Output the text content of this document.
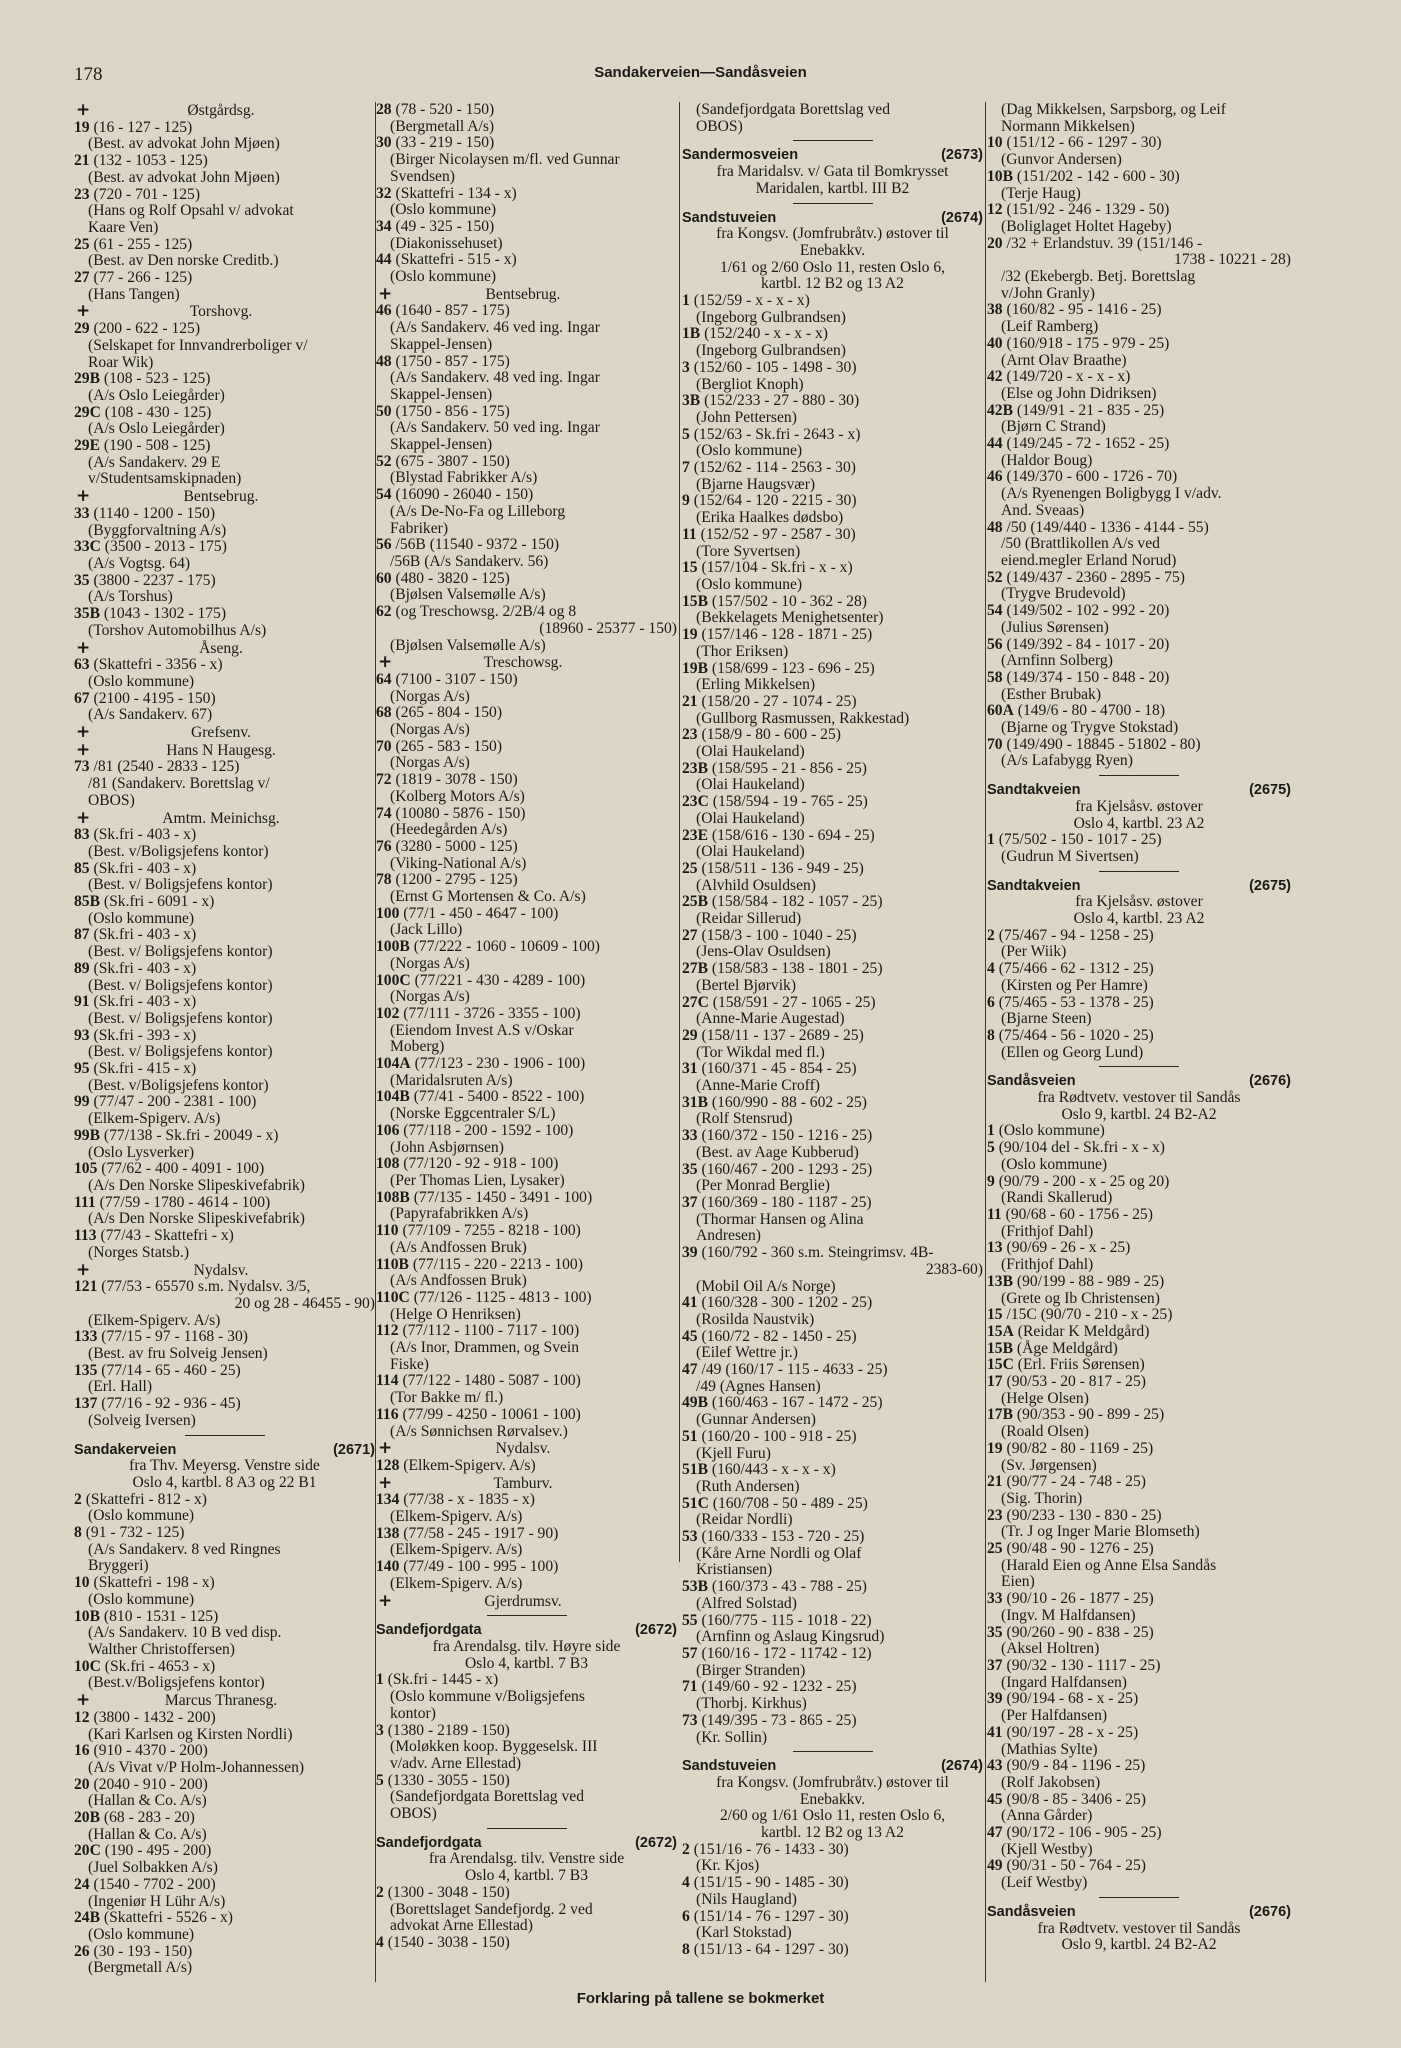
178	Sandakerveien—Sandåsveien
+	Østgårdsg.
19 (16 - 127 - 125)
(Best. av advokat John Mjøen)
21 (132 - 1053 - 125)
(Best. av advokat John Mjøen)
23 (720 - 701 - 125)
(Hans og Rolf Opsahl v/ advokat
Kaare Ven)
25 (61 - 255 - 125)
(Best. av Den norske Creditb.)
27 (77 - 266 - 125)
(Hans Tangen)
+	Torshovg.
29 (200 - 622 - 125)
(Selskapet for Innvandrerboliger v/
Roar Wik)
29B (108 - 523 - 125)
(A/s Oslo Leiegårder)
29C (108 - 430 - 125)
(A/s Oslo Leiegårder)
29E (190 - 508 - 125)
(A/s Sandakerv. 29 E
v/Studentsamskipnaden)
+	Bentsebrug.
33 (1140 - 1200 - 150)
(Byggforvaltning A/s)
33C (3500 - 2013 - 175)
(A/s Vogtsg. 64)
35 (3800 - 2237 - 175)
(A/s Torshus)
35B (1043 - 1302 - 175)
(Torshov Automobilhus A/s)
+	Åseng.
63 (Skattefri - 3356 - x)
(Oslo kommune)
67 (2100 - 4195 - 150)
(A/s Sandakerv. 67)
+	Grefsenv.
+	Hans N Haugesg.
73 /81 (2540 - 2833 - 125)
/81 (Sandakerv. Borettslag v/
OBOS)
+	Amtm. Meinichsg.
83 (Sk.fri - 403 - x)
(Best. v/Boligsjefens kontor)
85 (Sk.fri - 403 - x)
(Best. v/ Boligsjefens kontor)
85B (Sk.fri - 6091 - x)
(Oslo kommune)
87 (Sk.fri - 403 - x)
(Best. v/ Boligsjefens kontor)
89 (Sk.fri - 403 - x)
(Best. v/ Boligsjefens kontor)
91 (Sk.fri - 403 - x)
(Best. v/ Boligsjefens kontor)
93 (Sk.fri - 393 - x)
(Best. v/ Boligsjefens kontor)
95 (Sk.fri - 415 - x)
(Best. v/Boligsjefens kontor)
99 (77/47 - 200 - 2381 - 100)
(Elkem-Spigerv. A/s)
99B (77/138 - Sk.fri - 20049 - x)
(Oslo Lysverker)
105 (77/62 - 400 - 4091 - 100)
(A/s Den Norske Slipeskivefabrik)
111 (77/59 - 1780 - 4614 - 100)
(A/s Den Norske Slipeskivefabrik)
113 (77/43 - Skattefri - x)
(Norges Statsb.)
+	Nydalsv.
121 (77/53 - 65570 s.m. Nydalsv. 3/5,
20 og 28 - 46455 - 90)
(Elkem-Spigerv. A/s)
133 (77/15 - 97 - 1168 - 30)
(Best. av fru Solveig Jensen)
135 (77/14 - 65 - 460 - 25)
(Erl. Hall)
137 (77/16 - 92 - 936 - 45)
(Solveig Iversen)
Sandakerveien	(2671)
fra Thv. Meyersg. Venstre side
Oslo 4, kartbl. 8 A3 og 22 B1
2 (Skattefri - 812 - x)
(Oslo kommune)
8 (91 - 732 - 125)
(A/s Sandakerv. 8 ved Ringnes
Bryggeri)
10 (Skattefri - 198 - x)
(Oslo kommune)
10B (810 - 1531 - 125)
(A/s Sandakerv. 10 B ved disp.
Walther Christoffersen)
10C (Sk.fri - 4653 - x)
(Best.v/Boligsjefens kontor)
+	Marcus Thranesg.
12 (3800 - 1432 - 200)
(Kari Karlsen og Kirsten Nordli)
16 (910 - 4370 - 200)
(A/s Vivat v/P Holm-Johannessen)
20 (2040 - 910 - 200)
(Hallan & Co. A/s)
20B (68 - 283 - 20)
(Hallan & Co. A/s)
20C (190 - 495 - 200)
(Juel Solbakken A/s)
24 (1540 - 7702 - 200)
(Ingeniør H Lühr A/s)
24B (Skattefri - 5526 - x)
(Oslo kommune)
26 (30 - 193 - 150)
(Bergmetall A/s)
28 (78 - 520 - 150)
(Bergmetall A/s)
30 (33 - 219 - 150)
(Birger Nicolaysen m/fl. ved Gunnar
Svendsen)
32 (Skattefri - 134 - x)
(Oslo kommune)
34 (49 - 325 - 150)
(Diakonissehuset)
44 (Skattefri - 515 - x)
(Oslo kommune)
+	Bentsebrug.
46 (1640 - 857 - 175)
(A/s Sandakerv. 46 ved ing. Ingar
Skappel-Jensen)
48 (1750 - 857 - 175)
(A/s Sandakerv. 48 ved ing. Ingar
Skappel-Jensen)
50 (1750 - 856 - 175)
(A/s Sandakerv. 50 ved ing. Ingar
Skappel-Jensen)
52 (675 - 3807 - 150)
(Blystad Fabrikker A/s)
54 (16090 - 26040 - 150)
(A/s De-No-Fa og Lilleborg
Fabriker)
56 /56B (11540 - 9372 - 150)
/56B (A/s Sandakerv. 56)
60 (480 - 3820 - 125)
(Bjølsen Valsemølle A/s)
62 (og Treschowsg. 2/2B/4 og 8
(18960 - 25377 - 150)
(Bjølsen Valsemølle A/s)
+	Treschowsg.
64 (7100 - 3107 - 150)
(Norgas A/s)
68 (265 - 804 - 150)
(Norgas A/s)
70 (265 - 583 - 150)
(Norgas A/s)
72 (1819 - 3078 - 150)
(Kolberg Motors A/s)
74 (10080 - 5876 - 150)
(Heedegården A/s)
76 (3280 - 5000 - 125)
(Viking-National A/s)
78 (1200 - 2795 - 125)
(Ernst G Mortensen & Co. A/s)
100 (77/1 - 450 - 4647 - 100)
(Jack Lillo)
100B (77/222 - 1060 - 10609 - 100)
(Norgas A/s)
100C (77/221 - 430 - 4289 - 100)
(Norgas A/s)
102 (77/111 - 3726 - 3355 - 100)
(Eiendom Invest A.S v/Oskar
Moberg)
104A (77/123 - 230 - 1906 - 100)
(Maridalsruten A/s)
104B (77/41 - 5400 - 8522 - 100)
(Norske Eggcentraler S/L)
106 (77/118 - 200 - 1592 - 100)
(John Asbjørnsen)
108 (77/120 - 92 - 918 - 100)
(Per Thomas Lien, Lysaker)
108B (77/135 - 1450 - 3491 - 100)
(Papyrafabrikken A/s)
110 (77/109 - 7255 - 8218 - 100)
(A/s Andfossen Bruk)
110B (77/115 - 220 - 2213 - 100)
(A/s Andfossen Bruk)
110C (77/126 - 1125 - 4813 - 100)
(Helge O Henriksen)
112 (77/112 - 1100 - 7117 - 100)
(A/s Inor, Drammen, og Svein
Fiske)
114 (77/122 - 1480 - 5087 - 100)
(Tor Bakke m/ fl.)
116 (77/99 - 4250 - 10061 - 100)
(A/s Sønnichsen Rørvalsev.)
+	Nydalsv.
128 (Elkem-Spigerv. A/s)
+	Tamburv.
134 (77/38 - x - 1835 - x)
(Elkem-Spigerv. A/s)
138 (77/58 - 245 - 1917 - 90)
(Elkem-Spigerv. A/s)
140 (77/49 - 100 - 995 - 100)
(Elkem-Spigerv. A/s)
+	Gjerdrumsv.
Sandefjordgata	(2672)
fra Arendalsg. tilv. Høyre side
Oslo 4, kartbl. 7 B3
1 (Sk.fri - 1445 - x)
(Oslo kommune v/Boligsjefens
kontor)
3 (1380 - 2189 - 150)
(Moløkken koop. Byggeselsk. III
v/adv. Arne Ellestad)
5 (1330 - 3055 - 150)
(Sandefjordgata Borettslag ved
OBOS)
Sandefjordgata	(2672)
fra Arendalsg. tilv. Venstre side
Oslo 4, kartbl. 7 B3
2 (1300 - 3048 - 150)
(Borettslaget Sandefjordg. 2 ved
advokat Arne Ellestad)
4 (1540 - 3038 - 150)
(Sandefjordgata Borettslag ved
OBOS)
Sandermosveien	(2673)
fra Maridalsv. v/ Gata til Bomkrysset
Maridalen, kartbl. III B2
Sandstuveien	(2674)
fra Kongsv. (Jomfrubråtv.) østover til
Enebakkv.
1/61 og 2/60 Oslo 11, resten Oslo 6,
kartbl. 12 B2 og 13 A2
1 (152/59 - x - x - x)
(Ingeborg Gulbrandsen)
1B (152/240 - x - x - x)
(Ingeborg Gulbrandsen)
3 (152/60 - 105 - 1498 - 30)
(Bergliot Knoph)
3B (152/233 - 27 - 880 - 30)
(John Pettersen)
5 (152/63 - Sk.fri - 2643 - x)
(Oslo kommune)
7 (152/62 - 114 - 2563 - 30)
(Bjarne Haugsvær)
9 (152/64 - 120 - 2215 - 30)
(Erika Haalkes dødsbo)
11 (152/52 - 97 - 2587 - 30)
(Tore Syvertsen)
15 (157/104 - Sk.fri - x - x)
(Oslo kommune)
15B (157/502 - 10 - 362 - 28)
(Bekkelagets Menighetsenter)
19 (157/146 - 128 - 1871 - 25)
(Thor Eriksen)
19B (158/699 - 123 - 696 - 25)
(Erling Mikkelsen)
21 (158/20 - 27 - 1074 - 25)
(Gullborg Rasmussen, Rakkestad)
23 (158/9 - 80 - 600 - 25)
(Olai Haukeland)
23B (158/595 - 21 - 856 - 25)
(Olai Haukeland)
23C (158/594 - 19 - 765 - 25)
(Olai Haukeland)
23E (158/616 - 130 - 694 - 25)
(Olai Haukeland)
25 (158/511 - 136 - 949 - 25)
(Alvhild Osuldsen)
25B (158/584 - 182 - 1057 - 25)
(Reidar Sillerud)
27 (158/3 - 100 - 1040 - 25)
(Jens-Olav Osuldsen)
27B (158/583 - 138 - 1801 - 25)
(Bertel Bjørvik)
27C (158/591 - 27 - 1065 - 25)
(Anne-Marie Augestad)
29 (158/11 - 137 - 2689 - 25)
(Tor Wikdal med fl.)
31 (160/371 - 45 - 854 - 25)
(Anne-Marie Croff)
31B (160/990 - 88 - 602 - 25)
(Rolf Stensrud)
33 (160/372 - 150 - 1216 - 25)
(Best. av Aage Kubberud)
35 (160/467 - 200 - 1293 - 25)
(Per Monrad Berglie)
37 (160/369 - 180 - 1187 - 25)
(Thormar Hansen og Alina
Andresen)
39 (160/792 - 360 s.m. Steingrimsv. 4B-
2383-60)
(Mobil Oil A/s Norge)
41 (160/328 - 300 - 1202 - 25)
(Rosilda Naustvik)
45 (160/72 - 82 - 1450 - 25)
(Eilef Wettre jr.)
47 /49 (160/17 - 115 - 4633 - 25)
/49 (Agnes Hansen)
49B (160/463 - 167 - 1472 - 25)
(Gunnar Andersen)
51 (160/20 - 100 - 918 - 25)
(Kjell Furu)
51B (160/443 - x - x - x)
(Ruth Andersen)
51C (160/708 - 50 - 489 - 25)
(Reidar Nordli)
53 (160/333 - 153 - 720 - 25)
(Kåre Arne Nordli og Olaf
Kristiansen)
53B (160/373 - 43 - 788 - 25)
(Alfred Solstad)
55 (160/775 - 115 - 1018 - 22)
(Arnfinn og Aslaug Kingsrud)
57 (160/16 - 172 - 11742 - 12)
(Birger Stranden)
71 (149/60 - 92 - 1232 - 25)
(Thorbj. Kirkhus)
73 (149/395 - 73 - 865 - 25)
(Kr. Sollin)
Sandstuveien	(2674)
fra Kongsv. (Jomfrubråtv.) østover til
Enebakkv.
2/60 og 1/61 Oslo 11, resten Oslo 6,
kartbl. 12 B2 og 13 A2
2 (151/16 - 76 - 1433 - 30)
(Kr. Kjos)
4 (151/15 - 90 - 1485 - 30)
(Nils Haugland)
6 (151/14 - 76 - 1297 - 30)
(Karl Stokstad)
8 (151/13 - 64 - 1297 - 30)
(Dag Mikkelsen, Sarpsborg, og Leif
Normann Mikkelsen)
10 (151/12 - 66 - 1297 - 30)
(Gunvor Andersen)
10B (151/202 - 142 - 600 - 30)
(Terje Haug)
12 (151/92 - 246 - 1329 - 50)
(Boliglaget Holtet Hageby)
20 /32 + Erlandstuv. 39 (151/146 -
1738 - 10221 - 28)
/32 (Ekebergb. Betj. Borettslag
v/John Granly)
38 (160/82 - 95 - 1416 - 25)
(Leif Ramberg)
40 (160/918 - 175 - 979 - 25)
(Arnt Olav Braathe)
42 (149/720 - x - x - x)
(Else og John Didriksen)
42B (149/91 - 21 - 835 - 25)
(Bjørn C Strand)
44 (149/245 - 72 - 1652 - 25)
(Haldor Boug)
46 (149/370 - 600 - 1726 - 70)
(A/s Ryenengen Boligbygg I v/adv.
And. Sveaas)
48 /50 (149/440 - 1336 - 4144 - 55)
/50 (Brattlikollen A/s ved
eiend.megler Erland Norud)
52 (149/437 - 2360 - 2895 - 75)
(Trygve Brudevold)
54 (149/502 - 102 - 992 - 20)
(Julius Sørensen)
56 (149/392 - 84 - 1017 - 20)
(Arnfinn Solberg)
58 (149/374 - 150 - 848 - 20)
(Esther Brubak)
60A (149/6 - 80 - 4700 - 18)
(Bjarne og Trygve Stokstad)
70 (149/490 - 18845 - 51802 - 80)
(A/s Lafabygg Ryen)
Sandtakveien	(2675)
fra Kjelsåsv. østover
Oslo 4, kartbl. 23 A2
1 (75/502 - 150 - 1017 - 25)
(Gudrun M Sivertsen)
Sandtakveien	(2675)
fra Kjelsåsv. østover
Oslo 4, kartbl. 23 A2
2 (75/467 - 94 - 1258 - 25)
(Per Wiik)
4 (75/466 - 62 - 1312 - 25)
(Kirsten og Per Hamre)
6 (75/465 - 53 - 1378 - 25)
(Bjarne Steen)
8 (75/464 - 56 - 1020 - 25)
(Ellen og Georg Lund)
Sandåsveien	(2676)
fra Rødtvetv. vestover til Sandås
Oslo 9, kartbl. 24 B2-A2
1 (Oslo kommune)
5 (90/104 del - Sk.fri - x - x)
(Oslo kommune)
9 (90/79 - 200 - x - 25 og 20)
(Randi Skallerud)
11 (90/68 - 60 - 1756 - 25)
(Frithjof Dahl)
13 (90/69 - 26 - x - 25)
(Frithjof Dahl)
13B (90/199 - 88 - 989 - 25)
(Grete og Ib Christensen)
15 /15C (90/70 - 210 - x - 25)
15A (Reidar K Meldgård)
15B (Åge Meldgård)
15C (Erl. Friis Sørensen)
17 (90/53 - 20 - 817 - 25)
(Helge Olsen)
17B (90/353 - 90 - 899 - 25)
(Roald Olsen)
19 (90/82 - 80 - 1169 - 25)
(Sv. Jørgensen)
21 (90/77 - 24 - 748 - 25)
(Sig. Thorin)
23 (90/233 - 130 - 830 - 25)
(Tr. J og Inger Marie Blomseth)
25 (90/48 - 90 - 1276 - 25)
(Harald Eien og Anne Elsa Sandås
Eien)
33 (90/10 - 26 - 1877 - 25)
(Ingv. M Halfdansen)
35 (90/260 - 90 - 838 - 25)
(Aksel Holtren)
37 (90/32 - 130 - 1117 - 25)
(Ingard Halfdansen)
39 (90/194 - 68 - x - 25)
(Per Halfdansen)
41 (90/197 - 28 - x - 25)
(Mathias Sylte)
43 (90/9 - 84 - 1196 - 25)
(Rolf Jakobsen)
45 (90/8 - 85 - 3406 - 25)
(Anna Gårder)
47 (90/172 - 106 - 905 - 25)
(Kjell Westby)
49 (90/31 - 50 - 764 - 25)
(Leif Westby)
Sandåsveien	(2676)
fra Rødtvetv. vestover til Sandås
Oslo 9, kartbl. 24 B2-A2
Forklaring på tallene se bokmerket
